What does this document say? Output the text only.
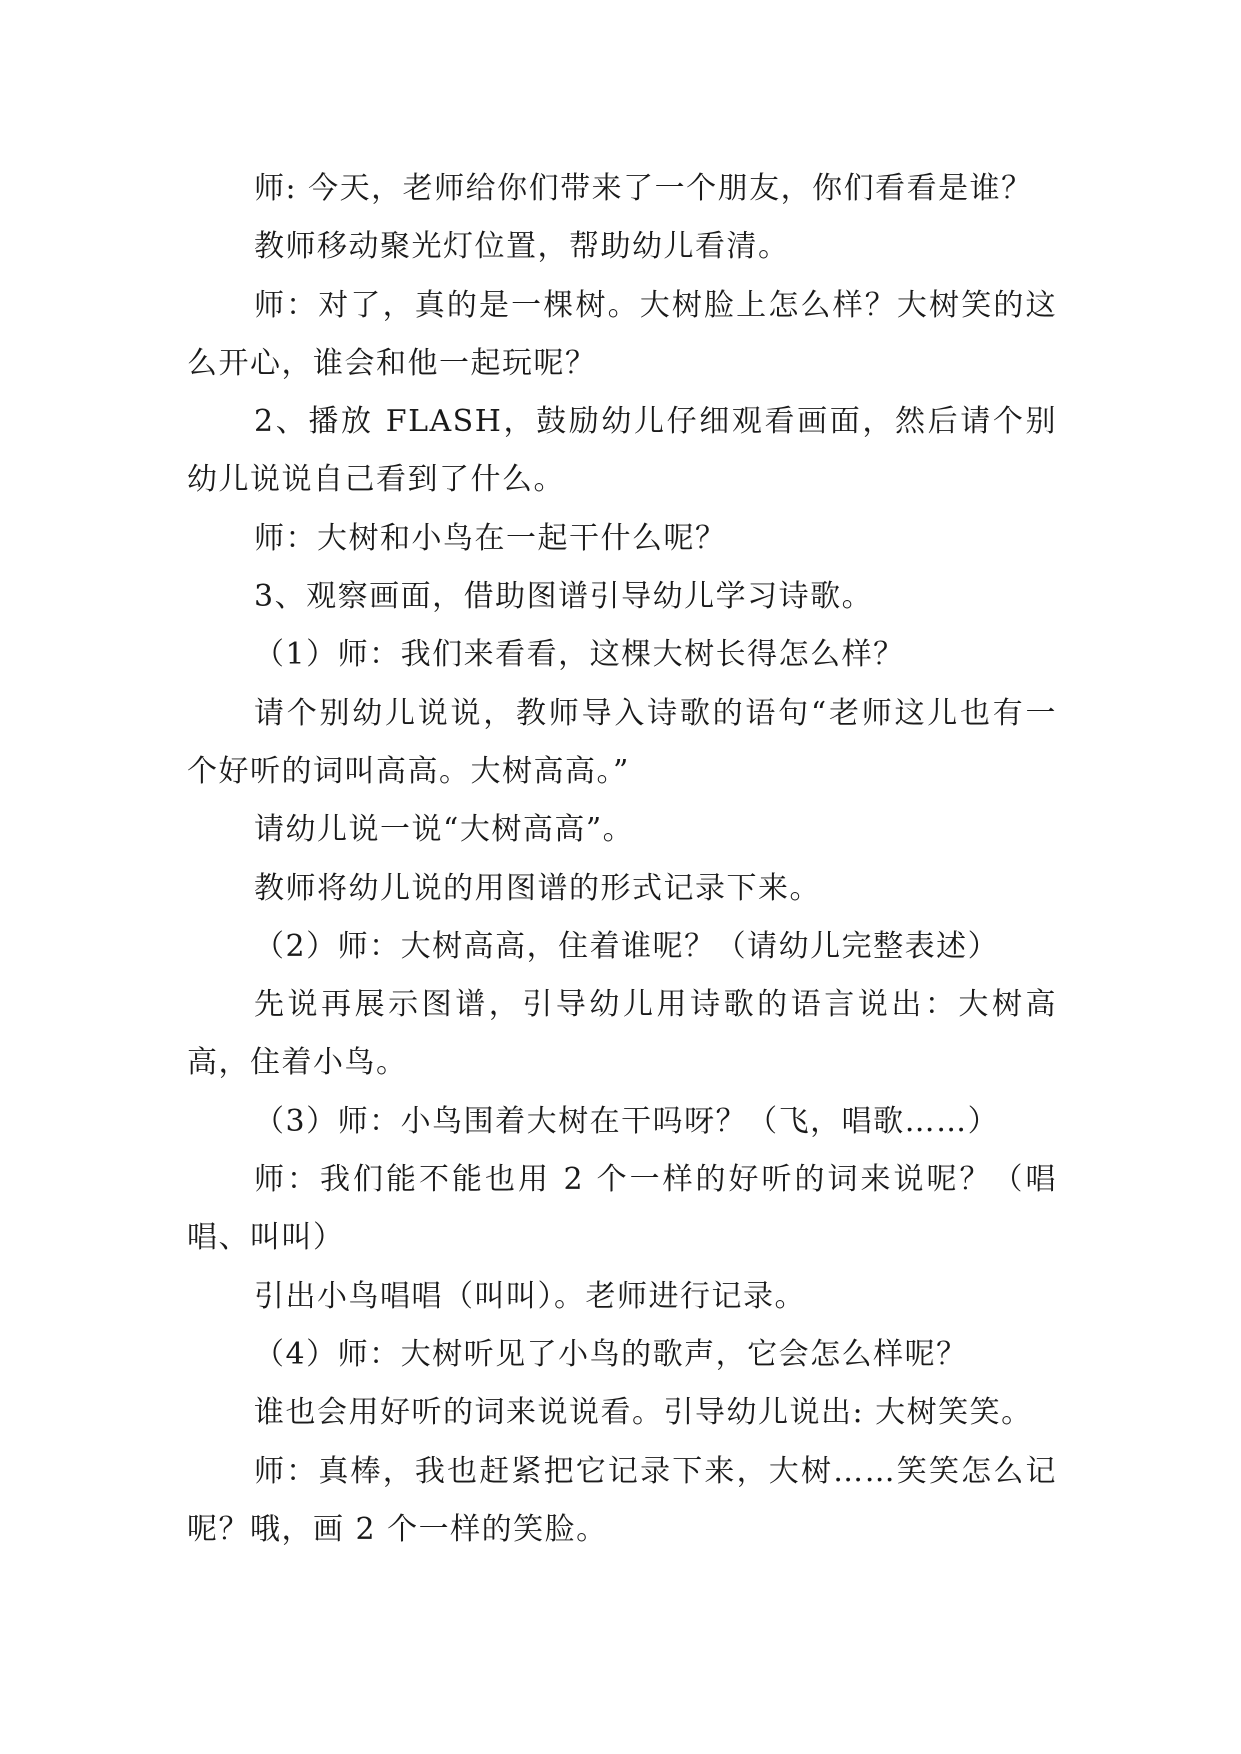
师: 今天，老师给你们带来了一个朋友，你们看看是谁？

教师移动聚光灯位置，帮助幼儿看清。

师：对了，真的是一棵树。大树脸上怎么样？大树笑的这么开心，谁会和他一起玩呢？

2、播放 FLASH，鼓励幼儿仔细观看画面，然后请个别幼儿说说自己看到了什么。

师：大树和小鸟在一起干什么呢？

3、观察画面，借助图谱引导幼儿学习诗歌。

（1）师：我们来看看，这棵大树长得怎么样？

请个别幼儿说说，教师导入诗歌的语句“老师这儿也有一个好听的词叫高高。大树高高。”

请幼儿说一说“大树高高”。

教师将幼儿说的用图谱的形式记录下来。

（2）师：大树高高，住着谁呢？（请幼儿完整表述）

先说再展示图谱，引导幼儿用诗歌的语言说出：大树高高，住着小鸟。

（3）师：小鸟围着大树在干吗呀？（飞，唱歌……）

师：我们能不能也用 2 个一样的好听的词来说呢？（唱唱、叫叫）

引出小鸟唱唱（叫叫）。老师进行记录。

（4）师：大树听见了小鸟的歌声，它会怎么样呢？

谁也会用好听的词来说说看。引导幼儿说出: 大树笑笑。

师：真棒，我也赶紧把它记录下来，大树……笑笑怎么记呢？哦，画 2 个一样的笑脸。
